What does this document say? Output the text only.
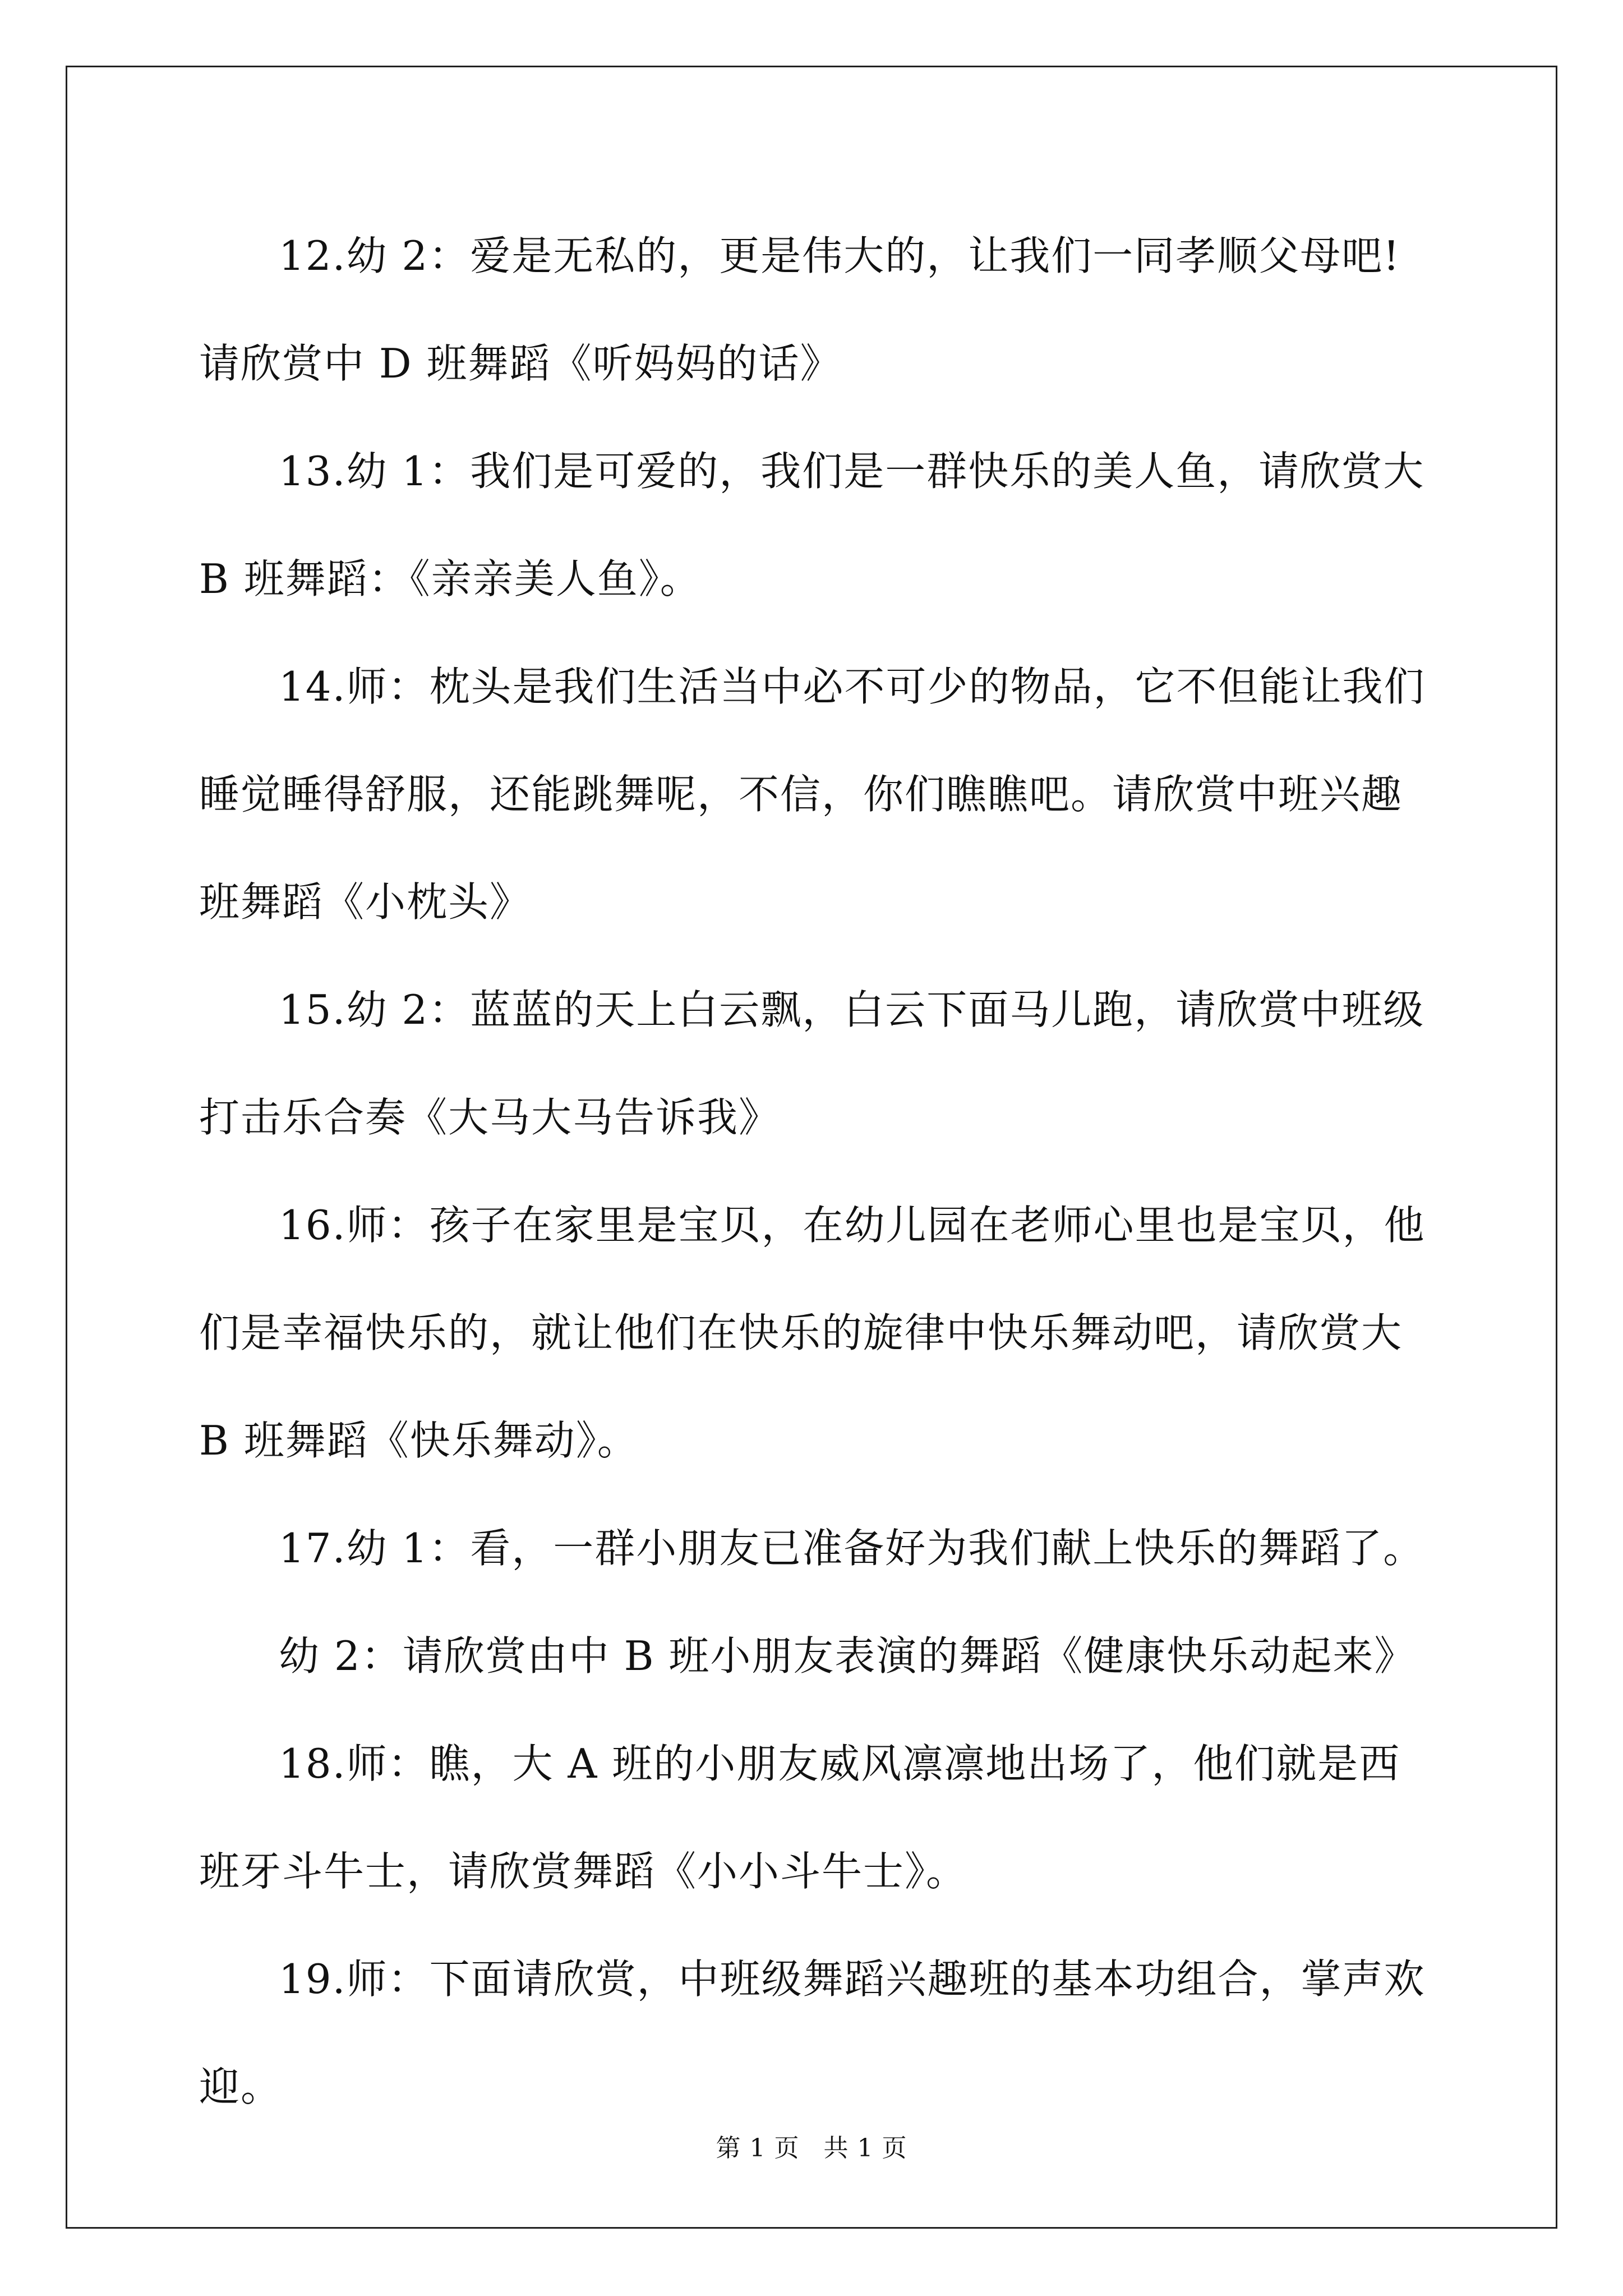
12.幼 2：爱是无私的，更是伟大的，让我们一同孝顺父母吧!请欣赏中 D 班舞蹈《听妈妈的话》

13.幼 1：我们是可爱的，我们是一群快乐的美人鱼，请欣赏大 B 班舞蹈：《亲亲美人鱼》。

14.师：枕头是我们生活当中必不可少的物品，它不但能让我们睡觉睡得舒服，还能跳舞呢，不信，你们瞧瞧吧。请欣赏中班兴趣班舞蹈《小枕头》

15.幼 2：蓝蓝的天上白云飘，白云下面马儿跑，请欣赏中班级打击乐合奏《大马大马告诉我》

16.师：孩子在家里是宝贝，在幼儿园在老师心里也是宝贝，他们是幸福快乐的，就让他们在快乐的旋律中快乐舞动吧，请欣赏大 B 班舞蹈《快乐舞动》。

17.幼 1：看，一群小朋友已准备好为我们献上快乐的舞蹈了。

幼 2：请欣赏由中 B 班小朋友表演的舞蹈《健康快乐动起来》

18.师：瞧，大 A 班的小朋友威风凛凛地出场了，他们就是西班牙斗牛士，请欣赏舞蹈《小小斗牛士》。

19.师：下面请欣赏，中班级舞蹈兴趣班的基本功组合，掌声欢迎。

第 1 页 共 1 页
